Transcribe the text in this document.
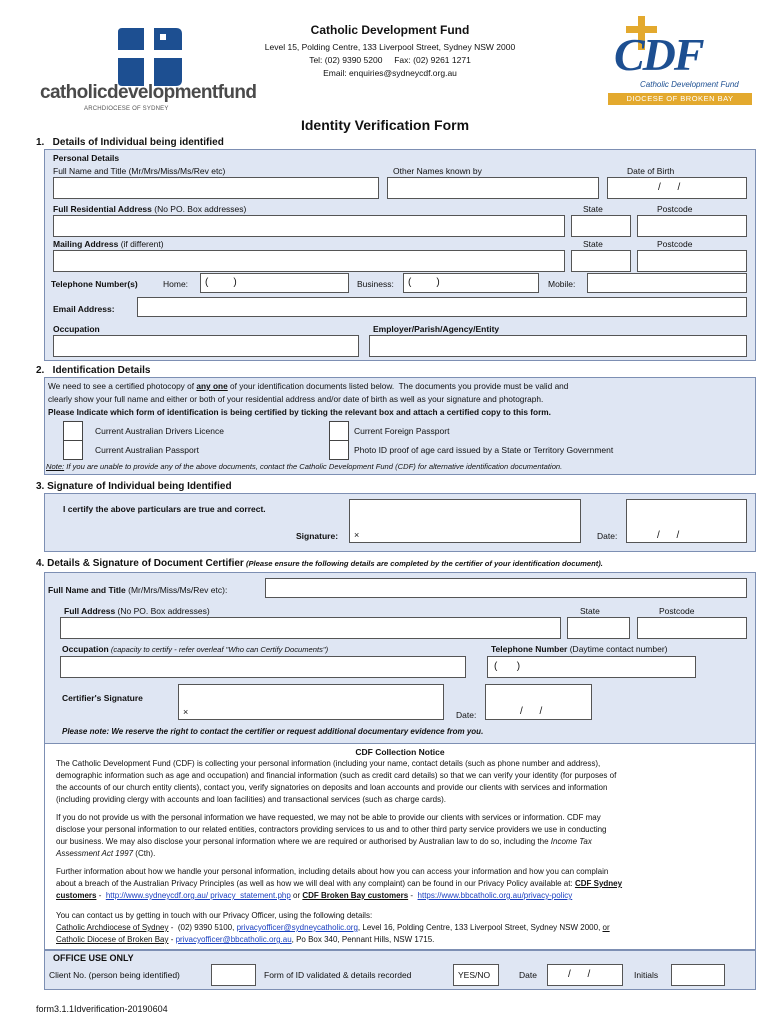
catholicdevelopmentfund
ARCHDIOCESE OF SYDNEY
Catholic Development Fund
Level 15, Polding Centre, 133 Liverpool Street, Sydney NSW 2000
Tel: (02) 9390 5200     Fax: (02) 9261 1271
Email: enquiries@sydneycdf.org.au	CDF
Catholic Development Fund
DIOCESE OF BROKEN BAY
Identity Verification Form
1.   Details of Individual being identified
Personal Details
Full Name and Title (Mr/Mrs/Miss/Ms/Rev etc)	Other Names known by	Date of Birth
/      /
Full Residential Address (No PO. Box addresses)	State	Postcode
Mailing Address (if different)	State	Postcode
Telephone Number(s)	Home: (         )	Business: (         )	Mobile:
Email Address:
Occupation	Employer/Parish/Agency/Entity
2.   Identification Details
We need to see a certified photocopy of any one of your identification documents listed below.  The documents you provide must be valid and
clearly show your full name and either or both of your residential address and/or date of birth as well as your signature and photograph.
Please Indicate which form of identification is being certified by ticking the relevant box and attach a certified copy to this form.
Current Australian Drivers Licence	Current Foreign Passport
Current Australian Passport	Photo ID proof of age card issued by a State or Territory Government
Note: If you are unable to provide any of the above documents, contact the Catholic Development Fund (CDF) for alternative identification documentation.
3. Signature of Individual being Identified
I certify the above particulars are true and correct.
Signature: ×	Date:	/      /
4. Details & Signature of Document Certifier (Please ensure the following details are completed by the certifier of your identification document).
Full Name and Title (Mr/Mrs/Miss/Ms/Rev etc):
Full Address (No PO. Box addresses)	State	Postcode
Occupation (capacity to certify - refer overleaf "Who can Certify Documents")	Telephone Number (Daytime contact number)
(       )
Certifier's Signature
×	Date:	/      /
Please note: We reserve the right to contact the certifier or request additional documentary evidence from you.
CDF Collection Notice
The Catholic Development Fund (CDF) is collecting your personal information (including your name, contact details (such as phone number and address),
demographic information such as age and occupation) and financial information (such as credit card details) so that we can verify your identity (for purposes of
the accounts of our church entity clients), contact you, verify signatories on deposits and loan accounts and provide our clients with services and information
(including providing clergy with accounts and loan facilities) and transactional services (such as charge cards).
If you do not provide us with the personal information we have requested, we may not be able to provide our clients with services or information. CDF may
disclose your personal information to our related entities, contractors providing services to us and to other third party service providers we use in conducting
our business. We may also disclose your personal information where we are required or authorised by Australian law to do so, including the Income Tax
Assessment Act 1997 (Cth).
Further information about how we handle your personal information, including details about how you can access your information and how you can complain
about a breach of the Australian Privacy Principles (as well as how we will deal with any complaint) can be found in our Privacy Policy available at: CDF Sydney
customers -  http://www.sydneycdf.org.au/ privacy_statement.php or CDF Broken Bay customers -  https://www.bbcatholic.org.au/privacy-policy
You can contact us by getting in touch with our Privacy Officer, using the following details:
Catholic Archdiocese of Sydney -  (02) 9390 5100, privacyofficer@sydneycatholic.org, Level 16, Polding Centre, 133 Liverpool Street, Sydney NSW 2000, or
Catholic Diocese of Broken Bay - privacyofficer@bbcatholic.org.au, Po Box 340, Pennant Hills, NSW 1715.
OFFICE USE ONLY
Client No. (person being identified)	Form of ID validated & details recorded	YES/NO	Date	/      /	Initials
form3.1.1Idverification-20190604
